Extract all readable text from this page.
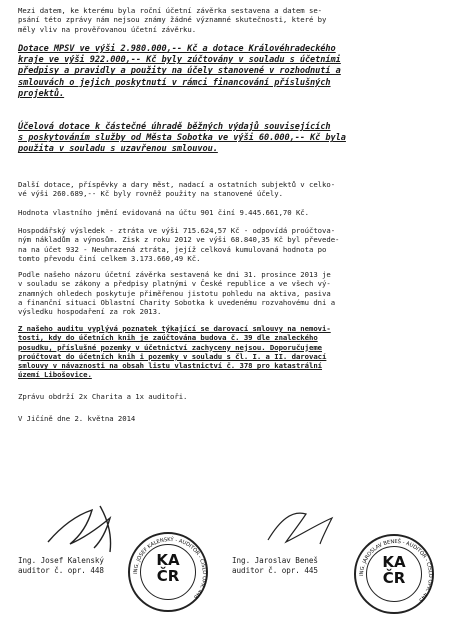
Mezi datem, ke kterému byla roční účetní závěrka sestavena a datem se-
psání této zprávy nám nejsou známy žádné významné skutečnosti, které by
měly vliv na prověřovanou účetní závěrku.
Dotace MPSV ve výši 2.980.000,-- Kč a dotace Královéhradeckého
kraje ve výši 922.000,-- Kč byly zúčtovány v souladu s účetními
předpisy a pravidly a použity na účely stanovené v rozhodnutí a
smlouvách o jejich poskytnutí v rámci financování příslušných
projektů.
Účelová dotace k částečné úhradě běžných výdajů souvisejících
s poskytováním služby od Města Sobotka ve výši 60.000,-- Kč byla
použita v souladu s uzavřenou smlouvou.
Další dotace, příspěvky a dary měst, nadací a ostatních subjektů v celko-
vé výši 260.689,-- Kč byly rovněž použity na stanovené účely.
Hodnota vlastního jmění evidovaná na účtu 901 činí 9.445.661,70 Kč.
Hospodářský výsledek - ztráta ve výši 715.624,57 Kč - odpovídá proúčtova-
ným nákladům a výnosům. Zisk z roku 2012 ve výši 68.840,35 Kč byl převede-
na na účet 932 - Neuhrazená ztráta, jejíž celková kumulovaná hodnota po
tomto převodu činí celkem 3.173.660,49 Kč.
Podle našeho názoru účetní závěrka sestavená ke dni 31. prosince 2013 je
v souladu se zákony a předpisy platnými v České republice a ve všech vý-
znamných ohledech poskytuje přiměřenou jistotu pohledu na aktiva, pasiva
a finanční situaci Oblastní Charity Sobotka k uvedenému rozvahovému dni a
výsledku hospodaření za rok 2013.
Z našeho auditu vyplývá poznatek týkající se darovací smlouvy na nemovi-
tosti, kdy do účetních knih je zaúčtována budova č. 39 dle znaleckého
posudku, příslušné pozemky v účetnictví zachyceny nejsou. Doporučujeme
proúčtovat do účetních knih i pozemky v souladu s čl. I. a II. darovací
smlouvy v návaznosti na obsah listu vlastnictví č. 378 pro katastrální
území Libošovice.
Zprávu obdrží 2x Charita a 1x auditoři.
V Jičíně dne 2. května 2014
ING. JOSEF KALENSKÝ - AUDITOR - ČÍSLO OPR. 448
KA
ČR	ING. JAROSLAV BENEŠ - AUDITOR - ČÍSLO OPR. 445
KA
ČR
Ing. Josef Kalenský
auditor č. opr. 448
Ing. Jaroslav Beneš
auditor č. opr. 445
